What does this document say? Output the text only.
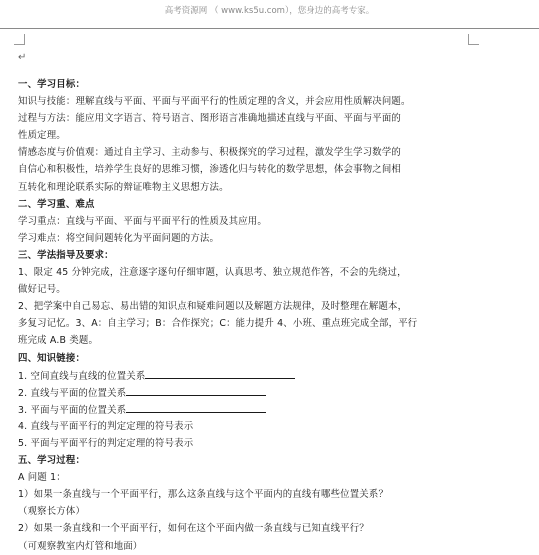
高考资源网 （ www.ks5u.com），您身边的高考专家。
↵
一、学习目标：
知识与技能：理解直线与平面、平面与平面平行的性质定理的含义，并会应用性质解决问题。
过程与方法：能应用文字语言、符号语言、图形语言准确地描述直线与平面、平面与平面的
性质定理。
情感态度与价值观：通过自主学习、主动参与、积极探究的学习过程，激发学生学习数学的
自信心和积极性，培养学生良好的思维习惯，渗透化归与转化的数学思想，体会事物之间相
互转化和理论联系实际的辩证唯物主义思想方法。
二、学习重、难点
学习重点：直线与平面、平面与平面平行的性质及其应用。
学习难点：将空间问题转化为平面问题的方法。
三、学法指导及要求：
1、限定 45 分钟完成，注意逐字逐句仔细审题，认真思考、独立规范作答，不会的先绕过，
做好记号。
2、把学案中自己易忘、易出错的知识点和疑难问题以及解题方法规律，及时整理在解题本，
多复习记忆。3、A：自主学习；B：合作探究；C：能力提升 4、小班、重点班完成全部，平行
班完成 A.B 类题。
四、知识链接：
1. 空间直线与直线的位置关系
2. 直线与平面的位置关系
3. 平面与平面的位置关系
4. 直线与平面平行的判定定理的符号表示
5. 平面与平面平行的判定定理的符号表示
五、学习过程：
A 问题 1：
1）如果一条直线与一个平面平行，那么这条直线与这个平面内的直线有哪些位置关系？
（观察长方体）
2）如果一条直线和一个平面平行，如何在这个平面内做一条直线与已知直线平行？
（可观察教室内灯管和地面）
